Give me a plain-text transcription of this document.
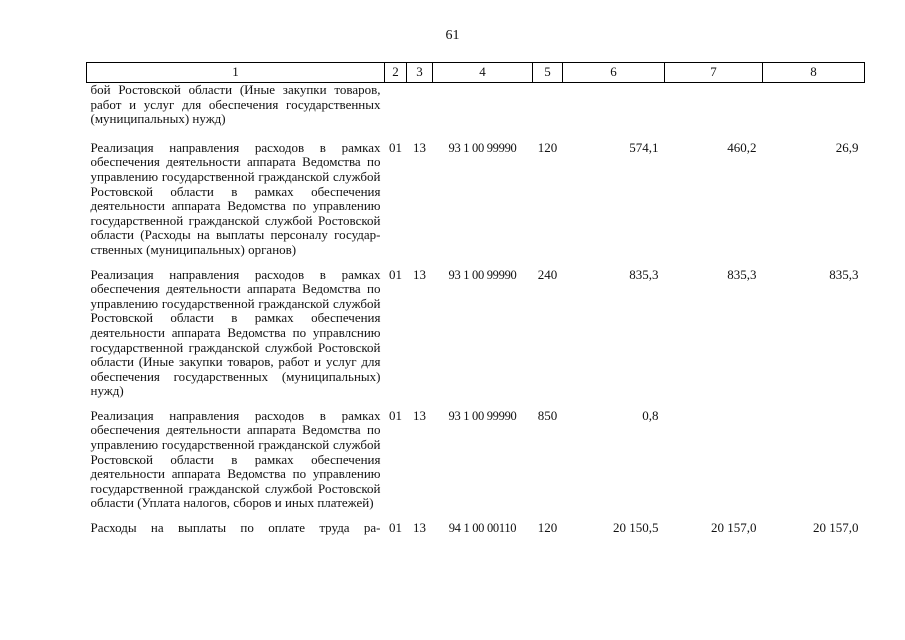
61
1	2	3	4	5	6	7	8
бой Ростовской области (Иные закупки товаров, работ и услуг для обеспечения государственных (муниципальных) нужд)							
Реализация направления расходов в рамках обеспечения деятельности аппарата Ведомства по управлению государственной гражданской службой Ростовской области в рамках обеспечения деятельности аппарата Ведомства по управлению государственной гражданской службой Ростовской области (Расходы на выплаты персоналу государственных (муниципальных) органов)	01	13	93 1 00 99990	120	574,1	460,2	26,9
Реализация направления расходов в рамках обеспечения деятельности аппарата Ведомства по управлению государственной гражданской службой Ростовской области в рамках обеспечения деятельности аппарата Ведомства по управлснию государственной гражданской службой Ростовской области (Иные закупки товаров, работ и услуг для обеспечения государственных (муниципальных) нужд)	01	13	93 1 00 99990	240	835,3	835,3	835,3
Реализация направления расходов в рамках обеспечения деятельности аппарата Ведомства по управлению государственной гражданской службой Ростовской области в рамках обеспечения деятельности аппарата Ведомства по управлению государственной гражданской службой Ростовской области (Уплата налогов, сборов и иных платежей)	01	13	93 1 00 99990	850	0,8		
Расходы на выплаты по оплате труда ра-	01	13	94 1 00 00110	120	20 150,5	20 157,0	20 157,0
